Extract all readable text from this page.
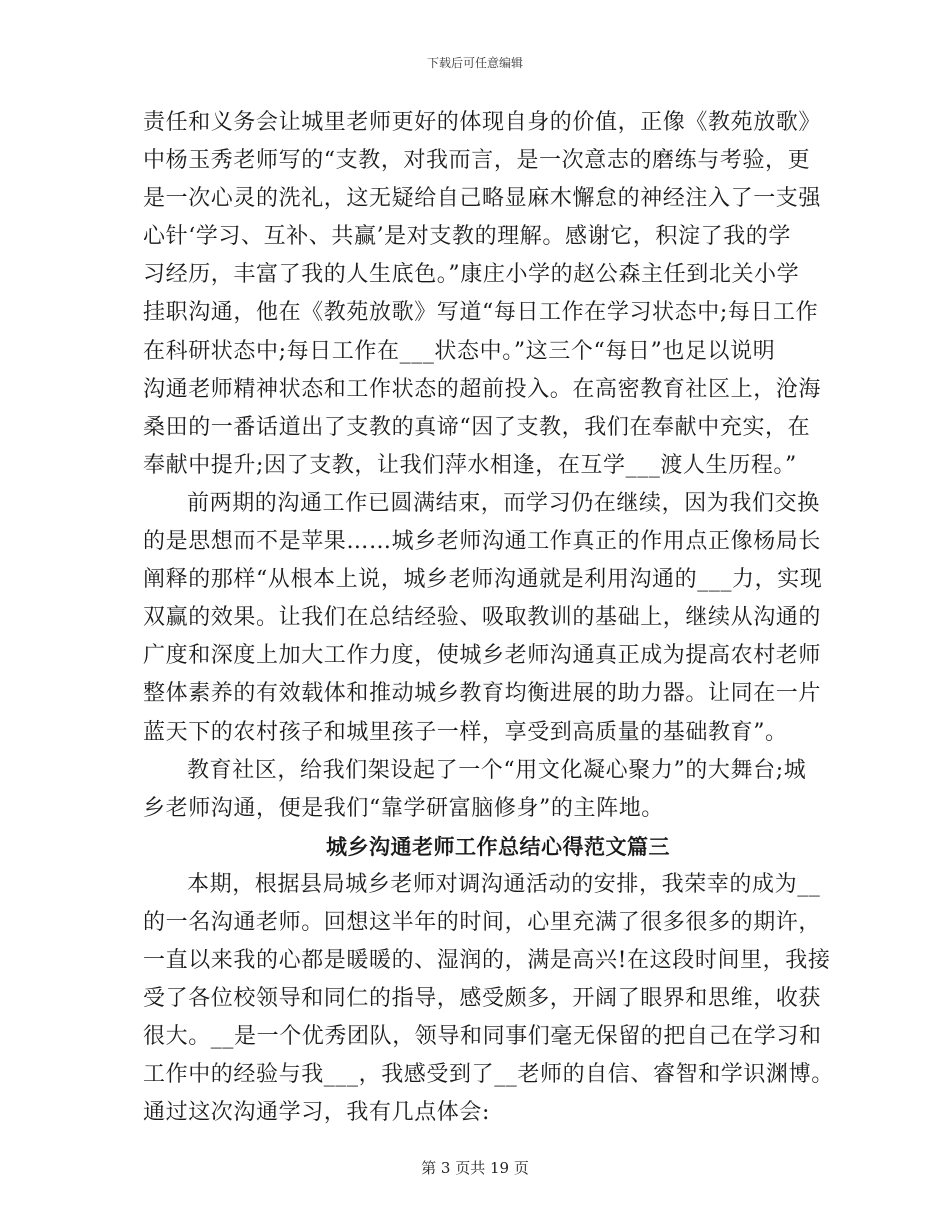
下载后可任意编辑
责任和义务会让城里老师更好的体现自身的价值，正像《教苑放歌》
中杨玉秀老师写的“支教，对我而言，是一次意志的磨练与考验，更
是一次心灵的洗礼，这无疑给自己略显麻木懈怠的神经注入了一支强
心针‘学习、互补、共赢’是对支教的理解。感谢它，积淀了我的学
习经历，丰富了我的人生底色。”康庄小学的赵公森主任到北关小学
挂职沟通，他在《教苑放歌》写道“每日工作在学习状态中;每日工作
在科研状态中;每日工作在___状态中。”这三个“每日”也足以说明
沟通老师精神状态和工作状态的超前投入。在高密教育社区上，沧海
桑田的一番话道出了支教的真谛“因了支教，我们在奉献中充实，在
奉献中提升;因了支教，让我们萍水相逢，在互学___渡人生历程。”
前两期的沟通工作已圆满结束，而学习仍在继续，因为我们交换
的是思想而不是苹果……城乡老师沟通工作真正的作用点正像杨局长
阐释的那样“从根本上说，城乡老师沟通就是利用沟通的___力，实现
双赢的效果。让我们在总结经验、吸取教训的基础上，继续从沟通的
广度和深度上加大工作力度，使城乡老师沟通真正成为提高农村老师
整体素养的有效载体和推动城乡教育均衡进展的助力器。让同在一片
蓝天下的农村孩子和城里孩子一样，享受到高质量的基础教育”。
教育社区，给我们架设起了一个“用文化凝心聚力”的大舞台;城
乡老师沟通，便是我们“靠学研富脑修身”的主阵地。
城乡沟通老师工作总结心得范文篇三
本期，根据县局城乡老师对调沟通活动的安排，我荣幸的成为__
的一名沟通老师。回想这半年的时间，心里充满了很多很多的期许，
一直以来我的心都是暖暖的、湿润的，满是高兴!在这段时间里，我接
受了各位校领导和同仁的指导，感受颇多，开阔了眼界和思维，收获
很大。__是一个优秀团队，领导和同事们毫无保留的把自己在学习和
工作中的经验与我___，我感受到了__老师的自信、睿智和学识渊博。
通过这次沟通学习，我有几点体会:
第 3 页共 19 页
